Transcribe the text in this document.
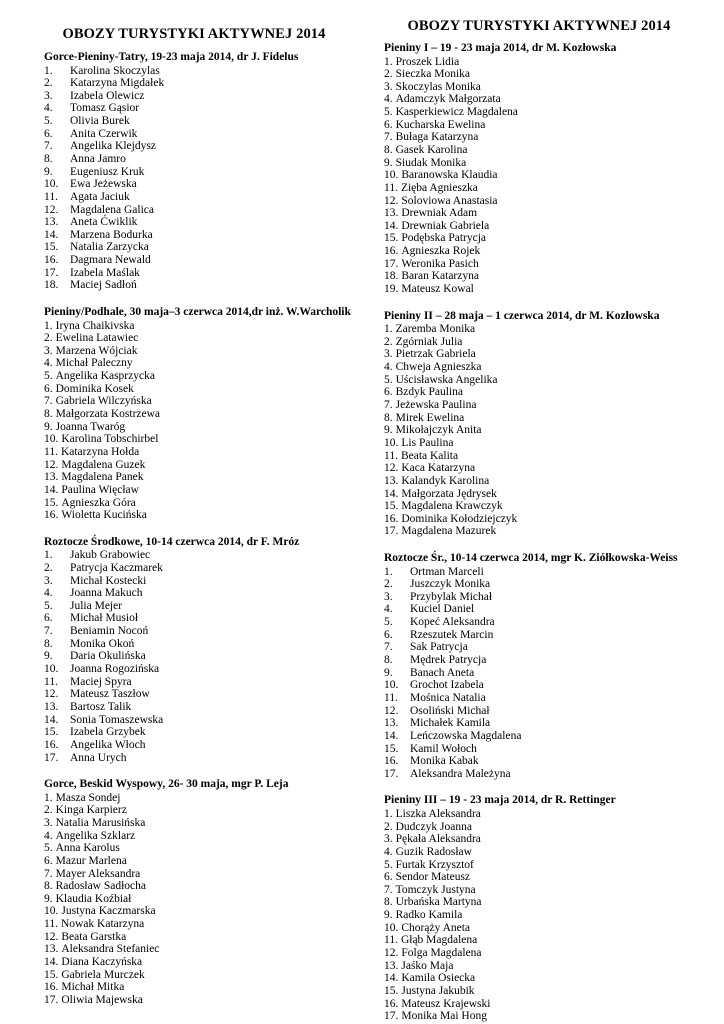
OBOZY TURYSTYKI AKTYWNEJ 2014
Gorce-Pieniny-Tatry, 19-23 maja 2014, dr J. Fidelus
1. Karolina Skoczylas
2. Katarzyna Migdałek
3. Izabela Olewicz
4. Tomasz Gąsior
5. Olivia Burek
6. Anita Czerwik
7. Angelika Klejdysz
8. Anna Jamro
9. Eugeniusz Kruk
10. Ewa Jeżewska
11. Agata Jaciuk
12. Magdalena Galica
13. Aneta Ćwiklik
14. Marzena Bodurka
15. Natalia Zarzycka
16. Dagmara Newald
17. Izabela Maślak
18. Maciej Sadłoń
Pieniny/Podhale, 30 maja–3 czerwca 2014,dr inż. W.Warcholik
1. Iryna Chaikivska
2. Ewelina Latawiec
3. Marzena Wójciak
4. Michał Paleczny
5. Angelika Kasprzycka
6. Dominika Kosek
7. Gabriela Wilczyńska
8. Małgorzata Kostrzewa
9. Joanna Twaróg
10. Karolina Tobschirbel
11. Katarzyna Hołda
12. Magdalena Guzek
13. Magdalena Panek
14. Paulina Więcław
15. Agnieszka Góra
16. Wioletta Kucińska
Roztocze Środkowe, 10-14 czerwca 2014, dr F. Mróz
1. Jakub Grabowiec
2. Patrycja Kaczmarek
3. Michał Kostecki
4. Joanna Makuch
5. Julia Mejer
6. Michał Musioł
7. Beniamin Nocoń
8. Monika Okoń
9. Daria Okulińska
10. Joanna Rogozińska
11. Maciej Spyra
12. Mateusz Taszłow
13. Bartosz Talik
14. Sonia Tomaszewska
15. Izabela Grzybek
16. Angelika Włoch
17. Anna Urych
Gorce, Beskid Wyspowy, 26- 30 maja, mgr P. Leja
1. Masza Sondej
2. Kinga Karpierz
3. Natalia Marusińska
4. Angelika Szklarz
5. Anna Karolus
6. Mazur Marlena
7. Mayer Aleksandra
8. Radosław Sadłocha
9. Klaudia Koźbiał
10. Justyna Kaczmarska
11. Nowak Katarzyna
12. Beata Garstka
13. Aleksandra Stefaniec
14. Diana Kaczyńska
15. Gabriela Murczek
16. Michał Mitka
17. Oliwia Majewska
OBOZY TURYSTYKI AKTYWNEJ 2014
Pieniny I – 19 - 23 maja 2014, dr M. Kozłowska
1. Proszek Lidia
2. Sieczka Monika
3. Skoczylas Monika
4. Adamczyk Małgorzata
5. Kasperkiewicz Magdalena
6. Kucharska Ewelina
7. Bułaga Katarzyna
8. Gasek Karolina
9. Siudak Monika
10. Baranowska Klaudia
11. Zięba Agnieszka
12. Soloviowa Anastasia
13. Drewniak Adam
14. Drewniak Gabriela
15. Podębska Patrycja
16. Agnieszka Rojek
17. Weronika Pasich
18. Baran Katarzyna
19. Mateusz Kowal
Pieniny II – 28 maja – 1 czerwca 2014, dr M. Kozłowska
1. Zaremba Monika
2. Zgórniak Julia
3. Pietrzak Gabriela
4. Chweja Agnieszka
5. Uścisławska Angelika
6. Bzdyk Paulina
7. Jeżewska Paulina
8. Mirek Ewelina
9. Mikołajczyk Anita
10. Lis Paulina
11. Beata Kalita
12. Kaca Katarzyna
13. Kalandyk Karolina
14. Małgorzata Jędrysek
15. Magdalena Krawczyk
16. Dominika Kołodziejczyk
17. Magdalena Mazurek
Roztocze Śr., 10-14 czerwca 2014, mgr K. Ziółkowska-Weiss
1. Ortman Marceli
2. Juszczyk Monika
3. Przybylak Michał
4. Kuciel Daniel
5. Kopeć Aleksandra
6. Rzeszutek Marcin
7. Sak Patrycja
8. Mędrek Patrycja
9. Banach Aneta
10. Grochot Izabela
11. Mośnica Natalia
12. Osoliński Michał
13. Michałek Kamila
14. Leńczowska Magdalena
15. Kamil Wołoch
16. Monika Kabak
17. Aleksandra Mależyna
Pieniny III – 19 - 23 maja 2014, dr R. Rettinger
1. Liszka Aleksandra
2. Dudczyk Joanna
3. Pękała Aleksandra
4. Guzik Radosław
5. Furtak Krzysztof
6. Sendor Mateusz
7. Tomczyk Justyna
8. Urbańska Martyna
9. Radko Kamila
10. Chorąży Aneta
11. Głąb Magdalena
12. Folga Magdalena
13. Jaśko Maja
14. Kamila Osiecka
15. Justyna Jakubik
16. Mateusz Krajewski
17. Monika Mai Hong
